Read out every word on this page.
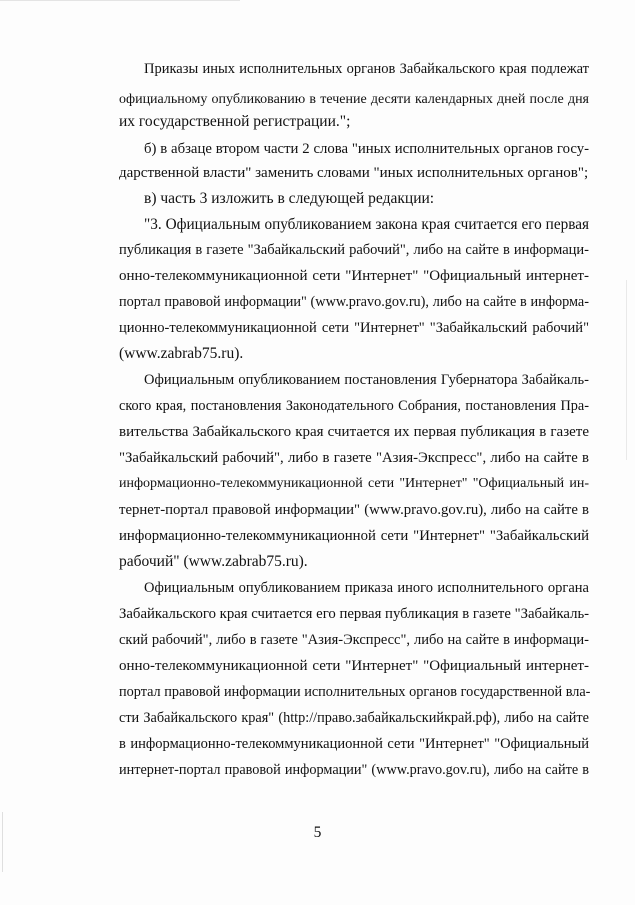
Приказы иных исполнительных органов Забайкальского края подлежат
официальному опубликованию в течение десяти календарных дней после дня
их государственной регистрации.";
б) в абзаце втором части 2 слова "иных исполнительных органов госу-
дарственной власти" заменить словами "иных исполнительных органов";
в) часть 3 изложить в следующей редакции:
"3. Официальным опубликованием закона края считается его первая
публикация в газете "Забайкальский рабочий", либо на сайте в информаци-
онно-телекоммуникационной сети "Интернет" "Официальный интернет-
портал правовой информации" (www.pravo.gov.ru), либо на сайте в информа-
ционно-телекоммуникационной сети "Интернет" "Забайкальский рабочий"
(www.zabrab75.ru).
Официальным опубликованием постановления Губернатора Забайкаль-
ского края, постановления Законодательного Собрания, постановления Пра-
вительства Забайкальского края считается их первая публикация в газете
"Забайкальский рабочий", либо в газете "Азия-Экспресс", либо на сайте в
информационно-телекоммуникационной сети "Интернет" "Официальный ин-
тернет-портал правовой информации" (www.pravo.gov.ru), либо на сайте в
информационно-телекоммуникационной сети "Интернет" "Забайкальский
рабочий" (www.zabrab75.ru).
Официальным опубликованием приказа иного исполнительного органа
Забайкальского края считается его первая публикация в газете "Забайкаль-
ский рабочий", либо в газете "Азия-Экспресс", либо на сайте в информаци-
онно-телекоммуникационной сети "Интернет" "Официальный интернет-
портал правовой информации исполнительных органов государственной вла-
сти Забайкальского края" (http://право.забайкальскийкрай.рф), либо на сайте
в информационно-телекоммуникационной сети "Интернет" "Официальный
интернет-портал правовой информации" (www.pravo.gov.ru), либо на сайте в
5
